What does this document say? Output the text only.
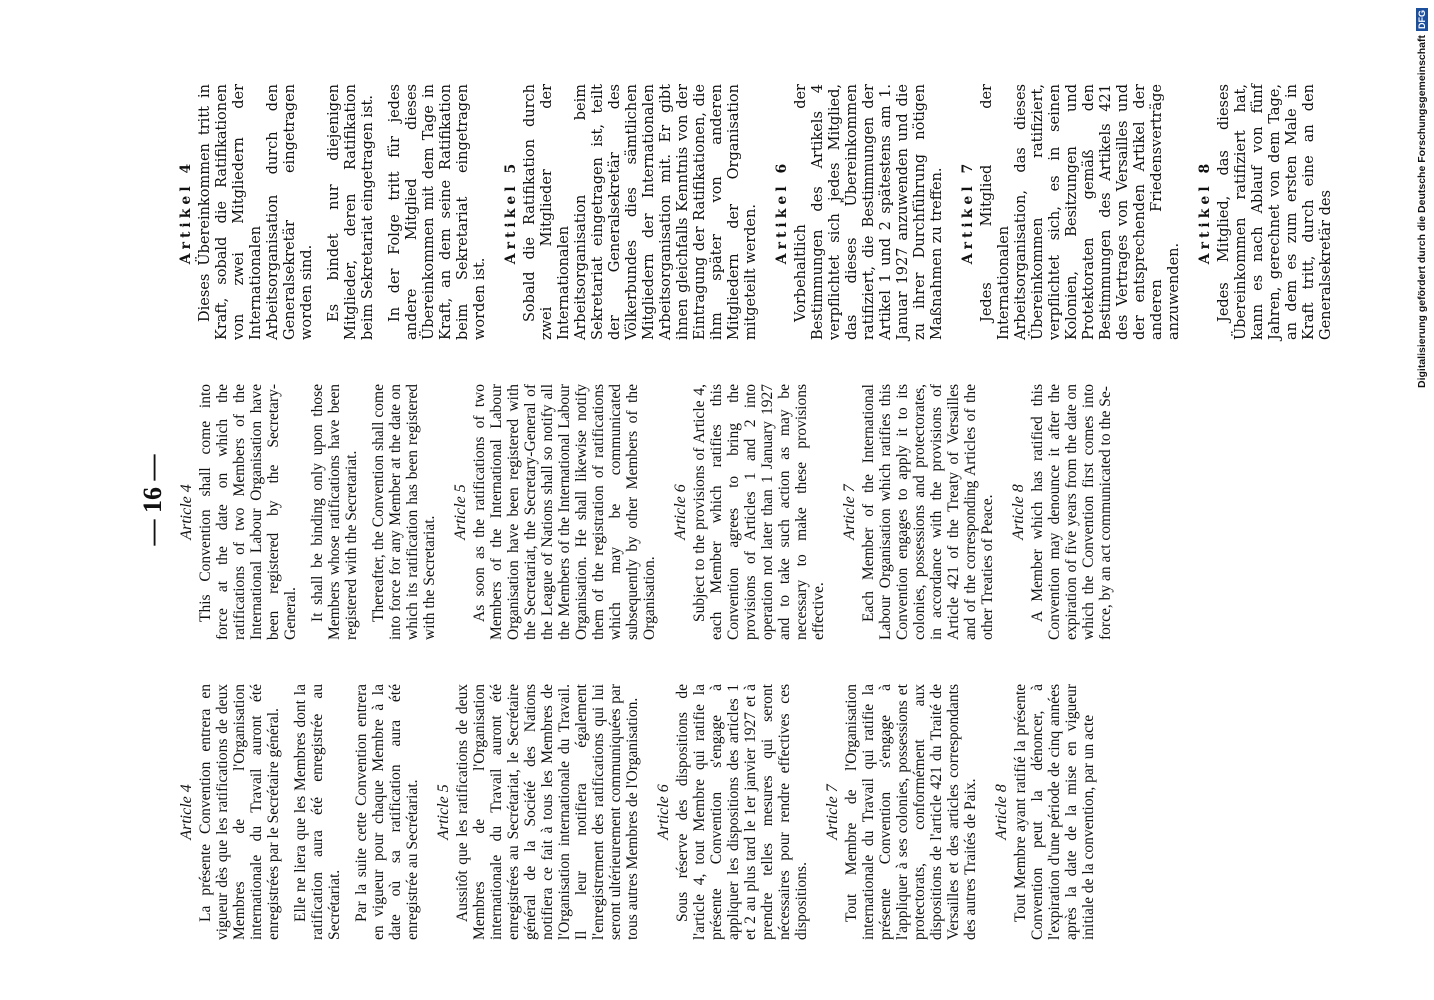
— 16 —
Article 4 La présente Convention entrera en vigueur dès que les ratifications de deux Membres de l'Organisation internationale du Travail auront été enregistrées par le Secrétaire général. Elle ne liera que les Membres dont la ratification aura été enregistrée au Secrétariat. Par la suite cette Convention entrera en vigueur pour chaque Membre à la date où sa ratification aura été enregistrée au Secrétariat. Article 5 Aussitôt que les ratifications de deux Membres de l'Organisation internationale du Travail auront été enregistrées au Secrétariat, le Secrétaire général de la Société des Nations notifiera ce fait à tous les Membres de l'Organisation internationale du Travail. Il leur notifiera également l'enregistrement des ratifications qui lui seront ultérieurement communiquées par tous autres Membres de l'Organisation. Article 6 Sous réserve des dispositions de l'article 4, tout Membre qui ratifie la présente Convention s'engage à appliquer les dispositions des articles 1 et 2 au plus tard le 1er janvier 1927 et à prendre telles mesures qui seront nécessaires pour rendre effectives ces dispositions.

Article 7 Tout Membre de l'Organisation internationale du Travail qui ratifie la présente Convention s'engage à l'appliquer à ses colonies, possessions et protectorats, conformément aux dispositions de l'article 421 du Traité de Versailles et des articles correspondants des autres Traités de Paix. Article 8 Tout Membre ayant ratifié la présente Convention peut la dénoncer, à l'expiration d'une période de cinq années après la date de la mise en vigueur initiale de la convention, par un acte

Article 4 This Convention shall come into force at the date on which the ratifications of two Members of the International Labour Organisation have been registered by the Secretary-General. It shall be binding only upon those Members whose ratifications have been registered with the Secretariat. Thereafter, the Convention shall come into force for any Member at the date on which its ratification has been registered with the Secretariat.

Article 5 As soon as the ratifications of two Members of the International Labour Organisation have been registered with the Secretariat, the Secretary-General of the League of Nations shall so notify all the Members of the International Labour Organisation. He shall likewise notify them of the registration of ratifications which may be communicated subsequently by other Members of the Organisation.

Article 6 Subject to the provisions of Article 4, each Member which ratifies this Convention agrees to bring the provisions of Articles 1 and 2 into operation not later than 1 January 1927 and to take such action as may be necessary to make these provisions effective.

Article 7 Each Member of the International Labour Organisation which ratifies this Convention engages to apply it to its colonies, possessions and protectorates, in accordance with the provisions of Article 421 of the Treaty of Versailles and of the corresponding Articles of the other Treaties of Peace. Article 8 A Member which has ratified this Convention may denounce it after the expiration of five years from the date on which the Convention first comes into force, by an act communicated to the Se-

Artikel 4 Dieses Übereinkommen tritt in Kraft, sobald die Ratifikationen von zwei Mitgliedern der Internationalen Arbeitsorganisation durch den Generalsekretär eingetragen worden sind. Es bindet nur diejenigen Mitglieder, deren Ratifikation beim Sekretariat eingetragen ist. In der Folge tritt für jedes andere Mitglied dieses Übereinkommen mit dem Tage in Kraft, an dem seine Ratifikation beim Sekretariat eingetragen worden ist.

Artikel 5 Sobald die Ratifikation durch zwei Mitglieder der Internationalen Arbeitsorganisation beim Sekretariat eingetragen ist, teilt der Generalsekretär des Völkerbundes dies sämtlichen Mitgliedern der Internationalen Arbeitsorganisation mit. Er gibt ihnen gleichfalls Kenntnis von der Eintragung der Ratifikationen, die ihm später von anderen Mitgliedern der Organisation mitgeteilt werden. Artikel 6 Vorbehaltlich der Bestimmungen des Artikels 4 verpflichtet sich jedes Mitglied, das dieses Übereinkommen ratifiziert, die Bestimmungen der Artikel 1 und 2 spätestens am 1. Januar 1927 anzuwenden und die zu ihrer Durchführung nötigen Maßnahmen zu treffen. Artikel 7 Jedes Mitglied der Internationalen Arbeitsorganisation, das dieses Übereinkommen ratifiziert, verpflichtet sich, es in seinen Kolonien, Besitzungen und Protektoraten gemäß den Bestimmungen des Artikels 421 des Vertrages von Versailles und der entsprechenden Artikel der anderen Friedensverträge anzuwenden.

Artikel 8 Jedes Mitglied, das dieses Übereinkommen ratifiziert hat, kann es nach Ablauf von fünf Jahren, gerechnet von dem Tage, an dem es zum ersten Male in Kraft tritt, durch eine an den Generalsekretär des	Digitalisierung gefördert durch die Deutsche Forschungsgemeinschaft
DFG
